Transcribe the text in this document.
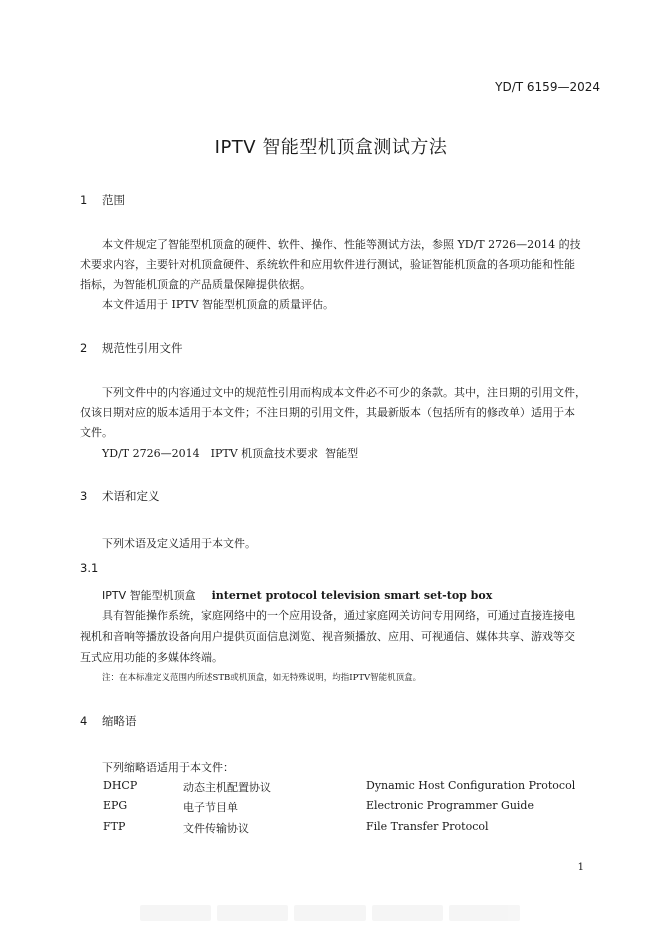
YD/T 6159—2024
IPTV 智能型机顶盒测试方法
1 范围
本文件规定了智能型机顶盒的硬件、软件、操作、性能等测试方法，参照 YD/T 2726—2014 的技
术要求内容，主要针对机顶盒硬件、系统软件和应用软件进行测试，验证智能机顶盒的各项功能和性能
指标，为智能机顶盒的产品质量保障提供依据。
本文件适用于 IPTV 智能型机顶盒的质量评估。
2 规范性引用文件
下列文件中的内容通过文中的规范性引用而构成本文件必不可少的条款。其中，注日期的引用文件，
仅该日期对应的版本适用于本文件；不注日期的引用文件，其最新版本（包括所有的修改单）适用于本
文件。
YD/T 2726—2014　IPTV 机顶盒技术要求  智能型
3 术语和定义
下列术语及定义适用于本文件。
3.1
IPTV 智能型机顶盒 internet protocol television smart set-top box
具有智能操作系统，家庭网络中的一个应用设备，通过家庭网关访问专用网络，可通过直接连接电
视机和音响等播放设备向用户提供页面信息浏览、视音频播放、应用、可视通信、媒体共享、游戏等交
互式应用功能的多媒体终端。
注：在本标准定义范围内所述STB或机顶盒，如无特殊说明，均指IPTV智能机顶盒。
4 缩略语
下列缩略语适用于本文件：
DHCP	动态主机配置协议	Dynamic Host Configuration Protocol
EPG	电子节目单	Electronic Programmer Guide
FTP	文件传输协议	File Transfer Protocol
1
